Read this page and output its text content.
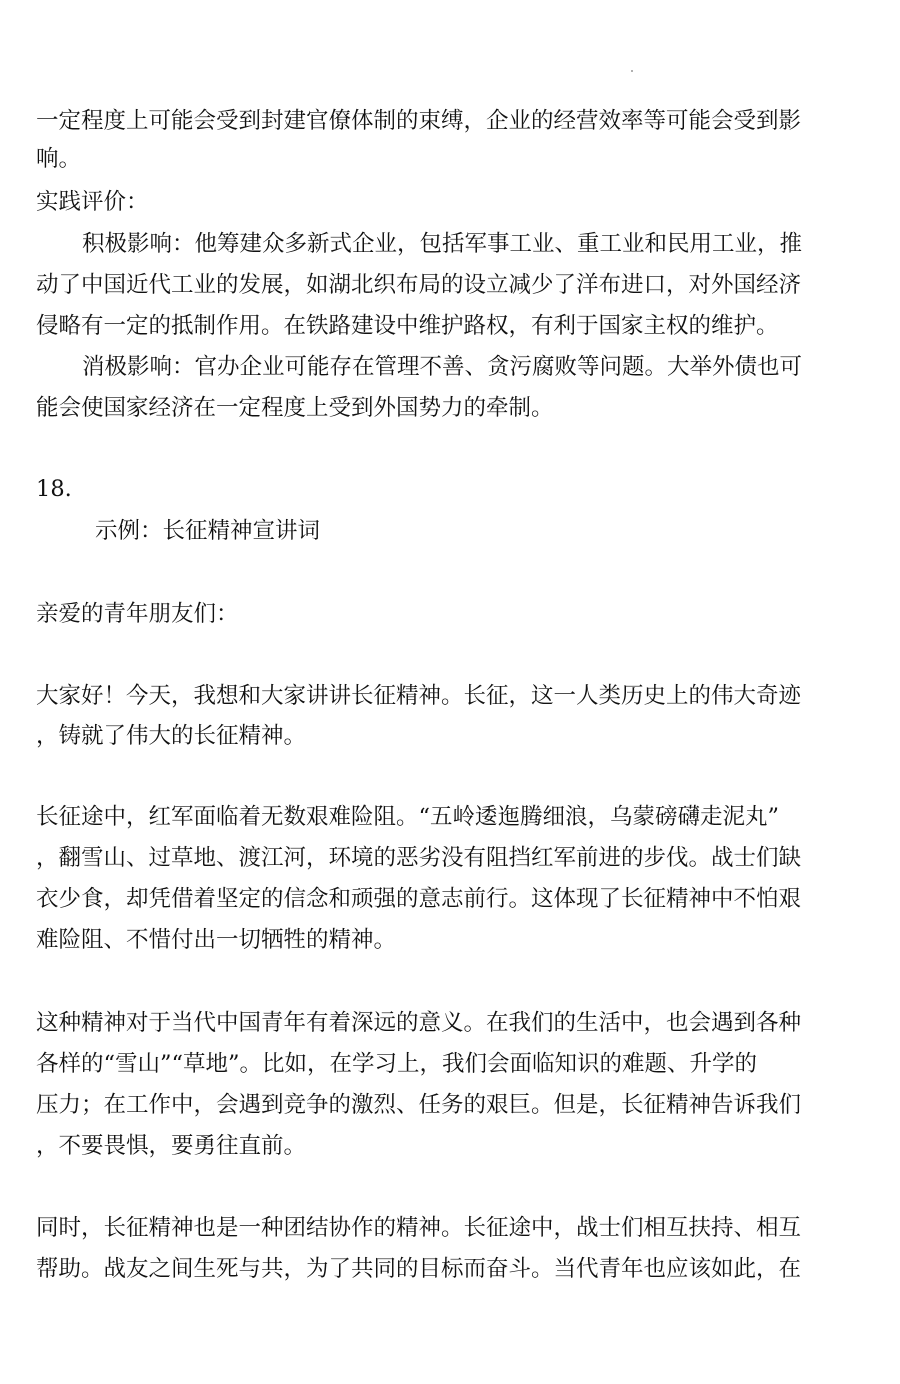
一定程度上可能会受到封建官僚体制的束缚，企业的经营效率等可能会受到影

响。

实践评价：

积极影响：他筹建众多新式企业，包括军事工业、重工业和民用工业，推

动了中国近代工业的发展，如湖北织布局的设立减少了洋布进口，对外国经济

侵略有一定的抵制作用。在铁路建设中维护路权，有利于国家主权的维护。

消极影响：官办企业可能存在管理不善、贪污腐败等问题。大举外债也可

能会使国家经济在一定程度上受到外国势力的牵制。

18.

示例：长征精神宣讲词

亲爱的青年朋友们：

大家好！今天，我想和大家讲讲长征精神。长征，这一人类历史上的伟大奇迹

，铸就了伟大的长征精神。

长征途中，红军面临着无数艰难险阻。“五岭逶迤腾细浪，乌蒙磅礴走泥丸”

，翻雪山、过草地、渡江河，环境的恶劣没有阻挡红军前进的步伐。战士们缺

衣少食，却凭借着坚定的信念和顽强的意志前行。这体现了长征精神中不怕艰

难险阻、不惜付出一切牺牲的精神。

这种精神对于当代中国青年有着深远的意义。在我们的生活中，也会遇到各种

各样的“雪山”“草地”。比如，在学习上，我们会面临知识的难题、升学的

压力；在工作中，会遇到竞争的激烈、任务的艰巨。但是，长征精神告诉我们

，不要畏惧，要勇往直前。

同时，长征精神也是一种团结协作的精神。长征途中，战士们相互扶持、相互

帮助。战友之间生死与共，为了共同的目标而奋斗。当代青年也应该如此，在
